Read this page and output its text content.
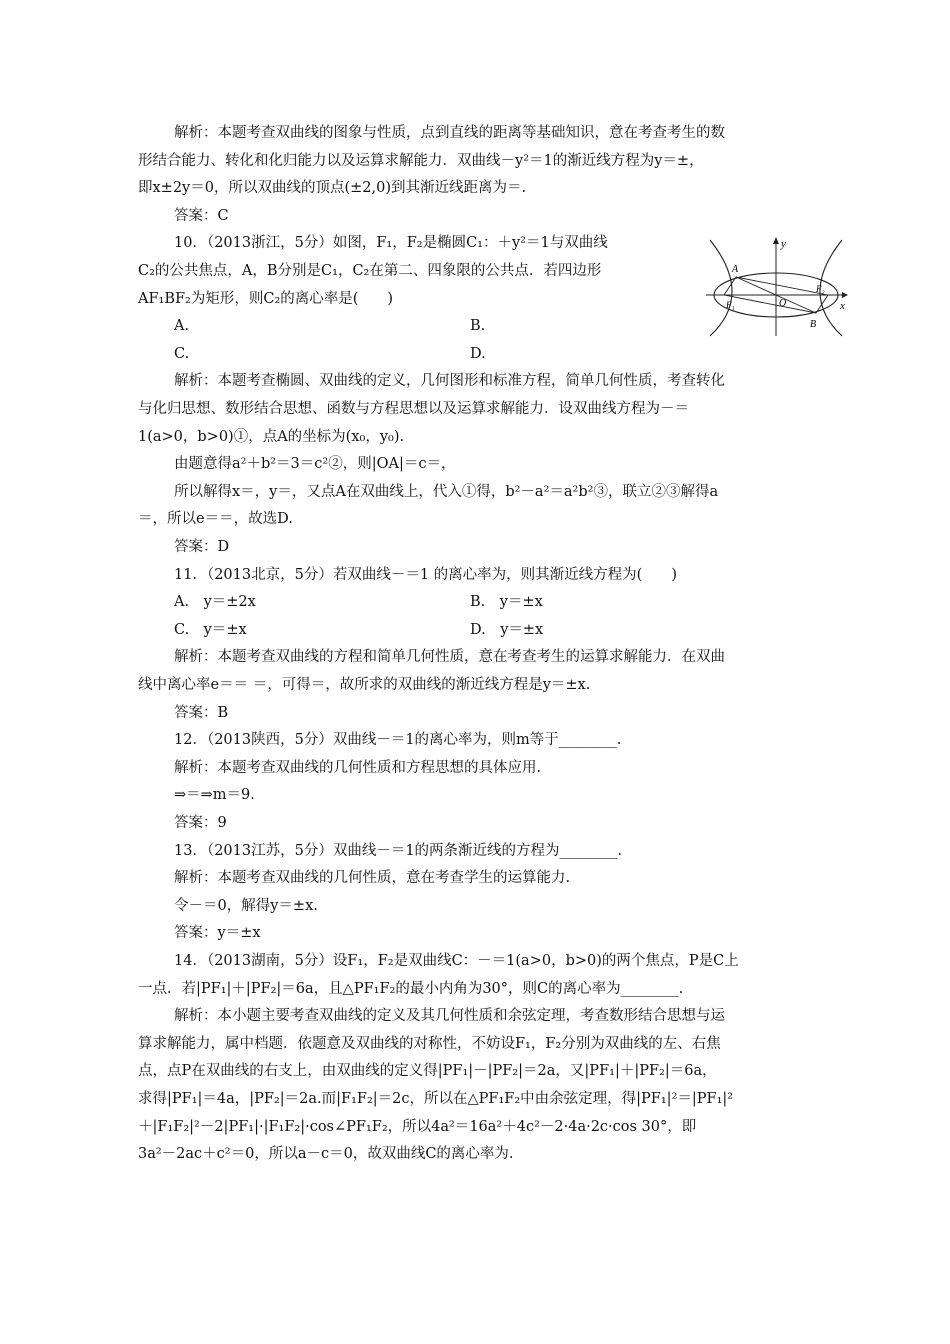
解析：本题考查双曲线的图象与性质，点到直线的距离等基础知识，意在考查考生的数
形结合能力、转化和化归能力以及运算求解能力．双曲线－y²＝1的渐近线方程为y＝±，
即x±2y＝0，所以双曲线的顶点(±2,0)到其渐近线距离为＝.
答案：C
10．（2013浙江，5分）如图，F₁，F₂是椭圆C₁：＋y²＝1与双曲线
C₂的公共焦点，A，B分别是C₁，C₂在第二、四象限的公共点．若四边形
AF₁BF₂为矩形，则C₂的离心率是(　　)
A.
C.
解析：本题考查椭圆、双曲线的定义，几何图形和标准方程，简单几何性质，考查转化
与化归思想、数形结合思想、函数与方程思想以及运算求解能力．设双曲线方程为－＝
1(a>0，b>0)①，点A的坐标为(x₀，y₀).
由题意得a²＋b²＝3＝c²②，则|OA|＝c＝，
所以解得x＝，y＝，又点A在双曲线上，代入①得，b²－a²＝a²b²③，联立②③解得a
＝，所以e＝＝，故选D.
答案：D
11．（2013北京，5分）若双曲线－＝1 的离心率为，则其渐近线方程为(　　)
A.　y＝±2x
C.　y＝±x
解析：本题考查双曲线的方程和简单几何性质，意在考查考生的运算求解能力．在双曲
线中离心率e＝＝ ＝，可得＝，故所求的双曲线的渐近线方程是y＝±x.
答案：B
12．（2013陕西，5分）双曲线－＝1的离心率为，则m等于________.
解析：本题考查双曲线的几何性质和方程思想的具体应用.
⇒＝⇒m＝9.
答案：9
13．（2013江苏，5分）双曲线－＝1的两条渐近线的方程为________.
解析：本题考查双曲线的几何性质，意在考查学生的运算能力.
令－＝0，解得y＝±x.
答案：y＝±x
14．（2013湖南，5分）设F₁，F₂是双曲线C：－＝1(a>0，b>0)的两个焦点，P是C上
一点．若|PF₁|＋|PF₂|＝6a，且△PF₁F₂的最小内角为30°，则C的离心率为________.
解析：本小题主要考查双曲线的定义及其几何性质和余弦定理，考查数形结合思想与运
算求解能力，属中档题．依题意及双曲线的对称性，不妨设F₁，F₂分别为双曲线的左、右焦
点，点P在双曲线的右支上，由双曲线的定义得|PF₁|－|PF₂|＝2a，又|PF₁|＋|PF₂|＝6a，
求得|PF₁|＝4a，|PF₂|＝2a.而|F₁F₂|＝2c，所以在△PF₁F₂中由余弦定理，得|PF₁|²＝|PF₁|²
＋|F₁F₂|²－2|PF₁|·|F₁F₂|·cos∠PF₁F₂，所以4a²＝16a²＋4c²－2·4a·2c·cos 30°，即
3a²－2ac＋c²＝0，所以a－c＝0，故双曲线C的离心率为.
B.
D.
B.　y＝±x
D.　y＝±x
y
x
A
B
O
F₁
F₂
